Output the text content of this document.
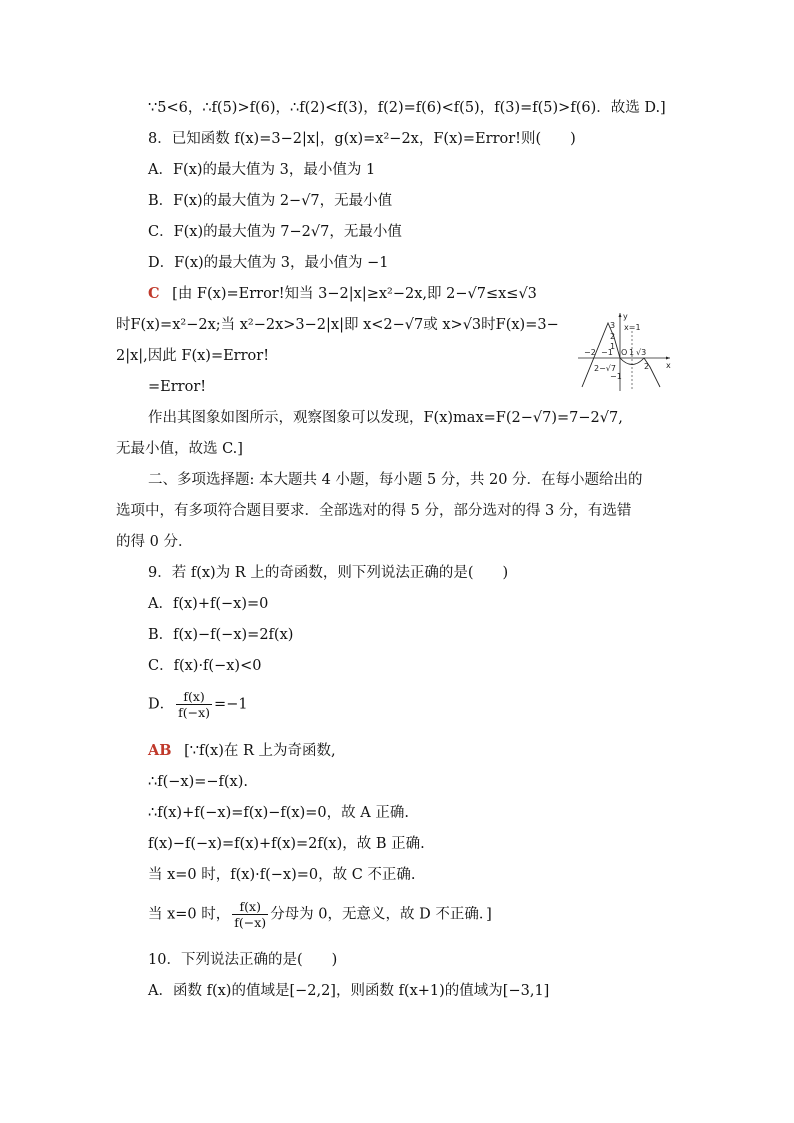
∵5<6，∴f(5)>f(6)，∴f(2)<f(3)，f(2)=f(6)<f(5)，f(3)=f(5)>f(6)．故选 D.]
8．已知函数 f(x)=3−2|x|，g(x)=x²−2x，F(x)=Error!则(　　)
A．F(x)的最大值为 3，最小值为 1
B．F(x)的最大值为 2−√7，无最小值
C．F(x)的最大值为 7−2√7，无最小值
D．F(x)的最大值为 3，最小值为 −1
C [由 F(x)=Error!知当 3−2|x|≥x²−2x,即 2−√7≤x≤√3
时F(x)=x²−2x;当 x²−2x>3−2|x|即 x<2−√7或 x>√3时F(x)=3−
2|x|,因此 F(x)=Error!
=Error!
y
x
x=1
3
2
1
−2 −1 O 1 √3
2
−1
2−√7
作出其图象如图所示，观察图象可以发现，F(x)max=F(2−√7)=7−2√7,
无最小值，故选 C.]
二、多项选择题: 本大题共 4 小题，每小题 5 分，共 20 分．在每小题给出的
选项中，有多项符合题目要求．全部选对的得 5 分，部分选对的得 3 分，有选错
的得 0 分．
9．若 f(x)为 R 上的奇函数，则下列说法正确的是(　　)
A．f(x)+f(−x)=0
B．f(x)−f(−x)=2f(x)
C．f(x)·f(−x)<0
D． $\frac{f(x)}{f(-x)} =-1$
AB [∵f(x)在 R 上为奇函数,
∴f(−x)=−f(x).
∴f(x)+f(−x)=f(x)−f(x)=0，故 A 正确.
f(x)−f(−x)=f(x)+f(x)=2f(x)，故 B 正确.
当 x=0 时，f(x)·f(−x)=0，故 C 不正确.
当 x=0 时， $\frac{f(x)}{f(-x)}$ 分母为 0，无意义，故 D 不正确．]
10．下列说法正确的是(　　)
A．函数 f(x)的值域是[−2,2]，则函数 f(x+1)的值域为[−3,1]
